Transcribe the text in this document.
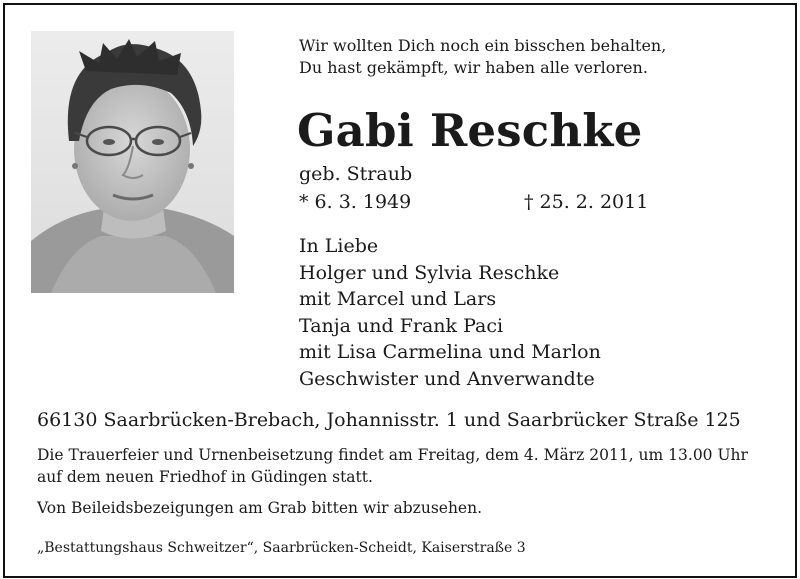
Wir wollten Dich noch ein bisschen behalten,
Du hast gekämpft, wir haben alle verloren.
Gabi Reschke
geb. Straub
* 6. 3. 1949	† 25. 2. 2011
In Liebe
Holger und Sylvia Reschke
mit Marcel und Lars
Tanja und Frank Paci
mit Lisa Carmelina und Marlon
Geschwister und Anverwandte
66130 Saarbrücken-Brebach, Johannisstr. 1 und Saarbrücker Straße 125
Die Trauerfeier und Urnenbeisetzung findet am Freitag, dem 4. März 2011, um 13.00 Uhr auf dem neuen Friedhof in Güdingen statt.
Von Beileidsbezeigungen am Grab bitten wir abzusehen.
„Bestattungshaus Schweitzer“, Saarbrücken-Scheidt, Kaiserstraße 3
